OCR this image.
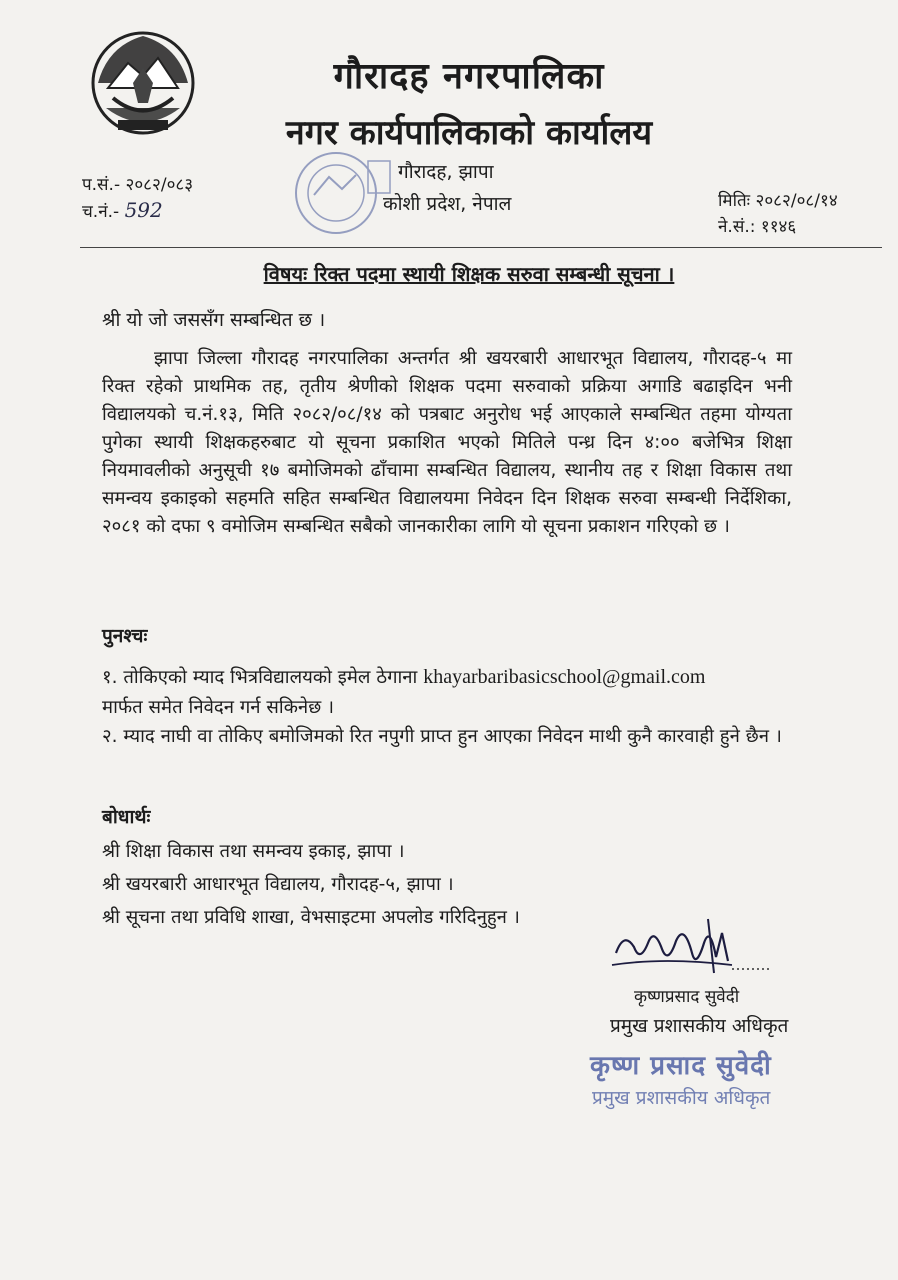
गौरादह नगरपालिका
नगर कार्यपालिकाको कार्यालय
गौरादह, झापा
कोशी प्रदेश, नेपाल
प.सं.- २०८२/०८३
च.नं.- 592	मितिः २०८२/०८/१४
ने.सं.: ११४६
विषयः रिक्त पदमा स्थायी शिक्षक सरुवा सम्बन्धी सूचना ।
श्री यो जो जससँग सम्बन्धित छ ।
झापा जिल्ला गौरादह नगरपालिका अन्तर्गत श्री खयरबारी आधारभूत विद्यालय, गौरादह-५ मा रिक्त रहेको प्राथमिक तह, तृतीय श्रेणीको शिक्षक पदमा सरुवाको प्रक्रिया अगाडि बढाइदिन भनी विद्यालयको च.नं.१३, मिति २०८२/०८/१४ को पत्रबाट अनुरोध भई आएकाले सम्बन्धित तहमा योग्यता पुगेका स्थायी शिक्षकहरुबाट यो सूचना प्रकाशित भएको मितिले पन्ध्र दिन ४:०० बजेभित्र शिक्षा नियमावलीको अनुसूची १७ बमोजिमको ढाँचामा सम्बन्धित विद्यालय, स्थानीय तह र शिक्षा विकास तथा समन्वय इकाइको सहमति सहित सम्बन्धित विद्यालयमा निवेदन दिन शिक्षक सरुवा सम्बन्धी निर्देशिका, २०८१ को दफा ९ वमोजिम सम्बन्धित सबैको जानकारीका लागि यो सूचना प्रकाशन गरिएको छ ।
पुनश्चः
१. तोकिएको म्याद भित्रविद्यालयको इमेल ठेगाना khayarbaribasicschool@gmail.com
मार्फत समेत निवेदन गर्न सकिनेछ ।
२. म्याद नाघी वा तोकिए बमोजिमको रित नपुगी प्राप्त हुन आएका निवेदन माथी कुनै कारवाही हुने छैन ।
बोधार्थः
श्री शिक्षा विकास तथा समन्वय इकाइ, झापा ।
श्री खयरबारी आधारभूत विद्यालय, गौरादह-५, झापा ।
श्री सूचना तथा प्रविधि शाखा, वेभसाइटमा अपलोड गरिदिनुहुन ।
कृष्णप्रसाद सुवेदी
प्रमुख प्रशासकीय अधिकृत
कृष्ण प्रसाद सुवेदी
प्रमुख प्रशासकीय अधिकृत
